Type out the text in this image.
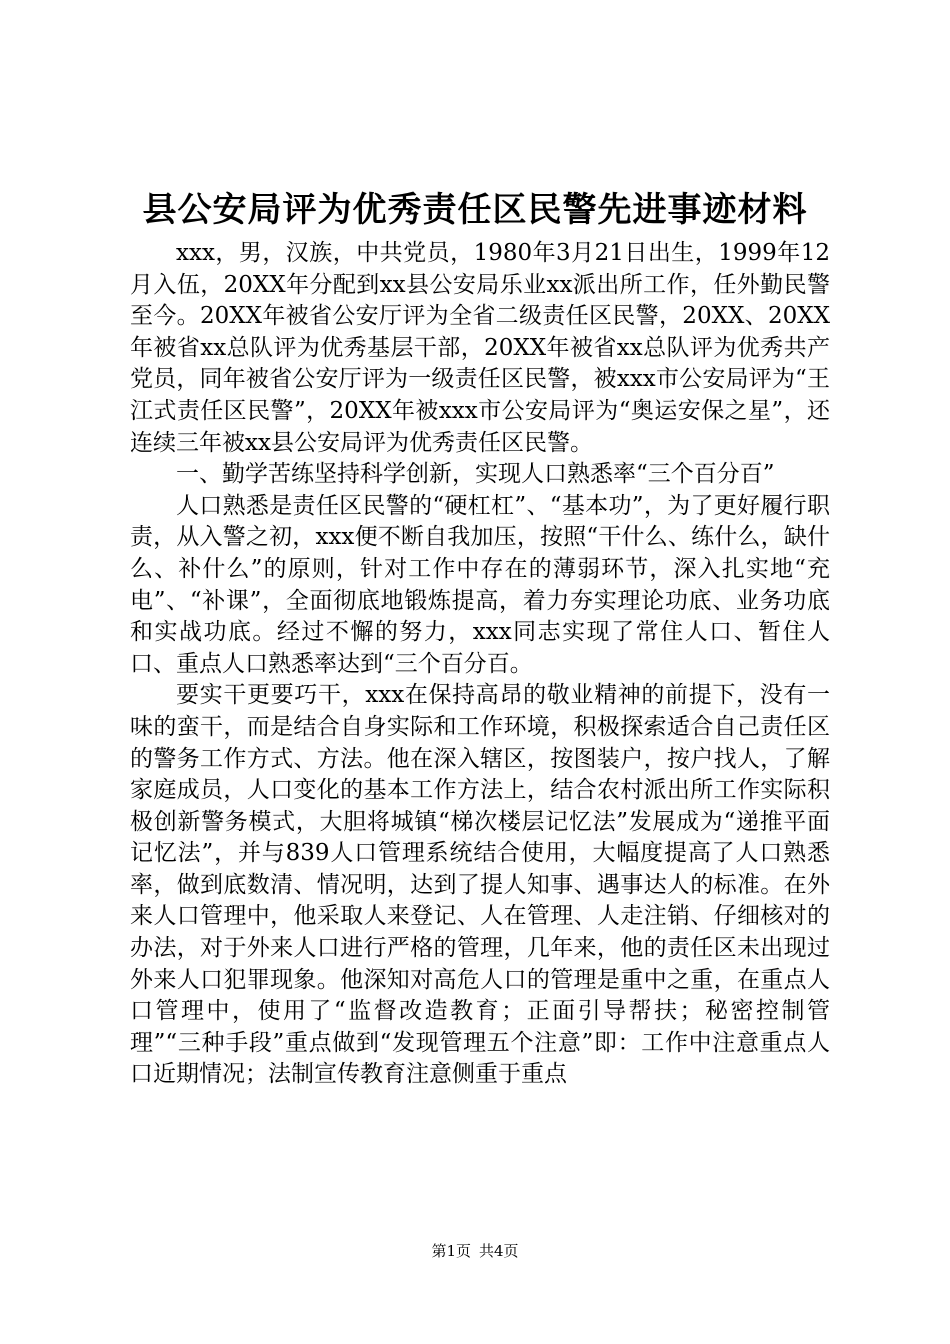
县公安局评为优秀责任区民警先进事迹材料

xxx，男，汉族，中共党员，1980年3月21日出生，1999年12月入伍，20XX年分配到xx县公安局乐业xx派出所工作，任外勤民警至今。20XX年被省公安厅评为全省二级责任区民警，20XX、20XX年被省xx总队评为优秀基层干部，20XX年被省xx总队评为优秀共产党员，同年被省公安厅评为一级责任区民警，被xxx市公安局评为“王江式责任区民警”，20XX年被xxx市公安局评为“奥运安保之星”，还连续三年被xx县公安局评为优秀责任区民警。

一、勤学苦练坚持科学创新，实现人口熟悉率“三个百分百”

人口熟悉是责任区民警的“硬杠杠”、“基本功”，为了更好履行职责，从入警之初，xxx便不断自我加压，按照“干什么、练什么，缺什么、补什么”的原则，针对工作中存在的薄弱环节，深入扎实地“充电”、“补课”，全面彻底地锻炼提高，着力夯实理论功底、业务功底和实战功底。经过不懈的努力，xxx同志实现了常住人口、暂住人口、重点人口熟悉率达到“三个百分百。

要实干更要巧干，xxx在保持高昂的敬业精神的前提下，没有一味的蛮干，而是结合自身实际和工作环境，积极探索适合自己责任区的警务工作方式、方法。他在深入辖区，按图装户，按户找人，了解家庭成员，人口变化的基本工作方法上，结合农村派出所工作实际积极创新警务模式，大胆将城镇“梯次楼层记忆法”发展成为“递推平面记忆法”，并与839人口管理系统结合使用，大幅度提高了人口熟悉率，做到底数清、情况明，达到了提人知事、遇事达人的标准。在外来人口管理中，他采取人来登记、人在管理、人走注销、仔细核对的办法，对于外来人口进行严格的管理，几年来，他的责任区未出现过外来人口犯罪现象。他深知对高危人口的管理是重中之重，在重点人口管理中，使用了“监督改造教育；正面引导帮扶；秘密控制管理”“三种手段”重点做到“发现管理五个注意”即：工作中注意重点人口近期情况；法制宣传教育注意侧重于重点

第1页 共4页
